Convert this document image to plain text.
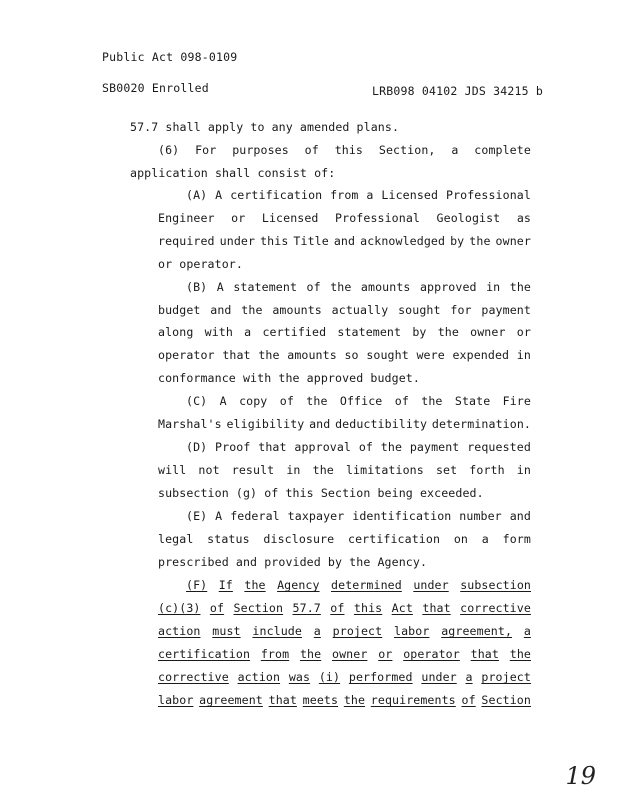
Public Act 098-0109
SB0020 Enrolled	LRB098 04102 JDS 34215 b
57.7 shall apply to any amended plans.
(6) For purposes of this Section, a complete
application shall consist of:
(A) A certification from a Licensed Professional
Engineer or Licensed Professional Geologist as
required under this Title and acknowledged by the owner
or operator.
(B) A statement of the amounts approved in the
budget and the amounts actually sought for payment
along with a certified statement by the owner or
operator that the amounts so sought were expended in
conformance with the approved budget.
(C) A copy of the Office of the State Fire
Marshal's eligibility and deductibility determination.
(D) Proof that approval of the payment requested
will not result in the limitations set forth in
subsection (g) of this Section being exceeded.
(E) A federal taxpayer identification number and
legal status disclosure certification on a form
prescribed and provided by the Agency.
(F) If the Agency determined under subsection
(c)(3) of Section 57.7 of this Act that corrective
action must include a project labor agreement, a
certification from the owner or operator that the
corrective action was (i) performed under a project
labor agreement that meets the requirements of Section
19
